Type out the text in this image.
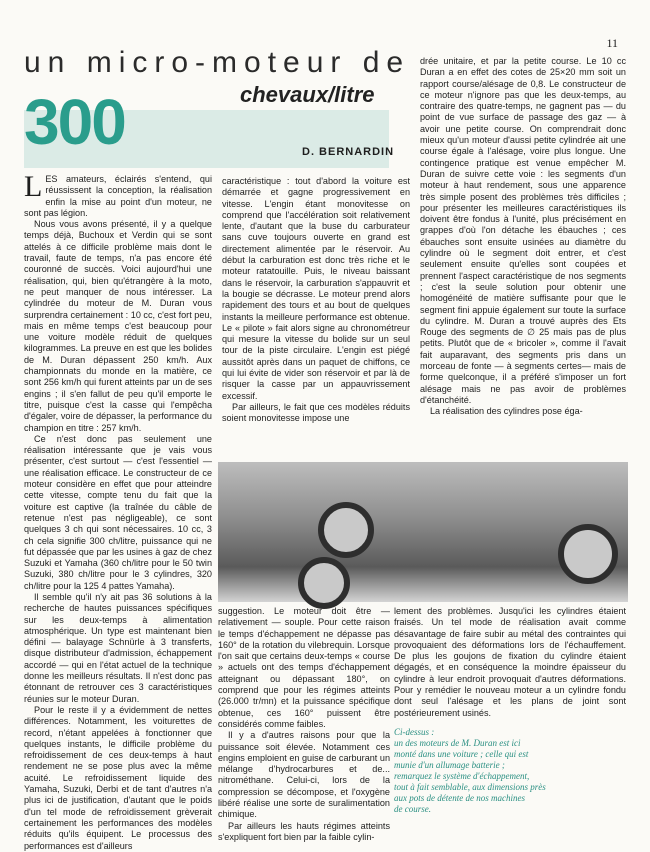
11
un micro-moteur de
300	chevaux/litre
D. BERNARDIN

LES amateurs, éclairés s'entend, qui réussissent la conception, la réalisation enfin la mise au point d'un moteur, ne sont pas légion.

Nous vous avons présenté, il y a quelque temps déjà, Buchoux et Verdin qui se sont attelés à ce difficile problème mais dont le travail, faute de temps, n'a pas encore été couronné de succès. Voici aujourd'hui une réalisation, qui, bien qu'étrangère à la moto, ne peut manquer de nous intéresser. La cylindrée du moteur de M. Duran vous surprendra certainement : 10 cc, c'est fort peu, mais en même temps c'est beaucoup pour une voiture modèle réduit de quelques kilogrammes. La preuve en est que les bolides de M. Duran dépassent 250 km/h. Aux championnats du monde en la matière, ce sont 256 km/h qui furent atteints par un de ses engins ; il s'en fallut de peu qu'il emporte le titre, puisque c'est la casse qui l'empêcha d'égaler, voire de dépasser, la performance du champion en titre : 257 km/h.

Ce n'est donc pas seulement une réalisation intéressante que je vais vous présenter, c'est surtout — c'est l'essentiel — une réalisation efficace. Le constructeur de ce moteur considère en effet que pour atteindre cette vitesse, compte tenu du fait que la voiture est captive (la traînée du câble de retenue n'est pas négligeable), ce sont quelques 3 ch qui sont nécessaires. 10 cc, 3 ch cela signifie 300 ch/litre, puissance qui ne fut dépassée que par les usines à gaz de chez Suzuki et Yamaha (360 ch/litre pour le 50 twin Suzuki, 380 ch/litre pour le 3 cylindres, 320 ch/litre pour la 125 4 pattes Yamaha).

Il semble qu'il n'y ait pas 36 solutions à la recherche de hautes puissances spécifiques sur les deux-temps à alimentation atmosphérique. Un type est maintenant bien défini — balayage Schnürle à 3 transferts, disque distributeur d'admission, échappement accordé — qui en l'état actuel de la technique donne les meilleurs résultats. Il n'est donc pas étonnant de retrouver ces 3 caractéristiques réunies sur le moteur Duran.

Pour le reste il y a évidemment de nettes différences. Notamment, les voiturettes de record, n'étant appelées à fonctionner que quelques instants, le difficile problème du refroidissement de ces deux-temps à haut rendement ne se pose plus avec la même acuité. Le refroidissement liquide des Yamaha, Suzuki, Derbi et de tant d'autres n'a plus ici de justification, d'autant que le poids d'un tel mode de refroidissement grèverait certainement les performances des modèles réduits qu'ils équipent. Le processus des performances est d'ailleurs

caractéristique : tout d'abord la voiture est démarrée et gagne progressivement en vitesse. L'engin étant monovitesse on comprend que l'accélération soit relativement lente, d'autant que la buse du carburateur sans cuve toujours ouverte en grand est directement alimentée par le réservoir. Au début la carburation est donc très riche et le moteur ratatouille. Puis, le niveau baissant dans le réservoir, la carburation s'appauvrit et la bougie se décrasse. Le moteur prend alors rapidement des tours et au bout de quelques instants la meilleure performance est obtenue. Le « pilote » fait alors signe au chronométreur qui mesure la vitesse du bolide sur un seul tour de la piste circulaire. L'engin est piégé aussitôt après dans un paquet de chiffons, ce qui lui évite de vider son réservoir et par là de risquer la casse par un appauvrissement excessif.

Par ailleurs, le fait que ces modèles réduits soient monovitesse impose une

drée unitaire, et par la petite course. Le 10 cc Duran a en effet des cotes de 25×20 mm soit un rapport course/alésage de 0,8. Le constructeur de ce moteur n'ignore pas que les deux-temps, au contraire des quatre-temps, ne gagnent pas — du point de vue surface de passage des gaz — à avoir une petite course. On comprendrait donc mieux qu'un moteur d'aussi petite cylindrée ait une course égale à l'alésage, voire plus longue. Une contingence pratique est venue empêcher M. Duran de suivre cette voie : les segments d'un moteur à haut rendement, sous une apparence très simple posent des problèmes très difficiles ; pour présenter les meilleures caractéristiques ils doivent être fondus à l'unité, plus précisément en grappes d'où l'on détache les ébauches ; ces ébauches sont ensuite usinées au diamètre du cylindre où le segment doit entrer, et c'est seulement ensuite qu'elles sont coupées et prennent l'aspect caractéristique de nos segments ; c'est la seule solution pour obtenir une homogénéité de matière suffisante pour que le segment fini appuie également sur toute la surface du cylindre. M. Duran a trouvé auprès des Ets Rouge des segments de ∅ 25 mais pas de plus petits. Plutôt que de « bricoler », comme il l'avait fait auparavant, des segments pris dans un morceau de fonte — à segments certes— mais de forme quelconque, il a préféré s'imposer un fort alésage mais ne pas avoir de problèmes d'étanchéité.

La réalisation des cylindres pose éga-

suggestion. Le moteur doit être — relativement — souple. Pour cette raison le temps d'échappement ne dépasse pas 160° de la rotation du vilebrequin. Lorsque l'on sait que certains deux-temps « course » actuels ont des temps d'échappement atteignant ou dépassant 180°, on comprend que pour les régimes atteints (26.000 tr/mn) et la puissance spécifique obtenue, ces 160° puissent être considérés comme faibles.

Il y a d'autres raisons pour que la puissance soit élevée. Notamment ces engins emploient en guise de carburant un mélange d'hydrocarbures et de... nitrométhane. Celui-ci, lors de la compression se décompose, et l'oxygène libéré réalise une sorte de suralimentation chimique.

Par ailleurs les hauts régimes atteints s'expliquent fort bien par la faible cylin-

lement des problèmes. Jusqu'ici les cylindres étaient fraisés. Un tel mode de réalisation avait comme désavantage de faire subir au métal des contraintes qui provoquaient des déformations lors de l'échauffement. De plus les goujons de fixation du cylindre étaient dégagés, et en conséquence la moindre épaisseur du cylindre à leur endroit provoquait d'autres déformations. Pour y remédier le nouveau moteur a un cylindre fondu dont seul l'alésage et les plans de joint sont postérieurement usinés.

Ci-dessus :
un des moteurs de M. Duran est ici
monté dans une voiture ; celle qui est
munie d'un allumage batterie ;
remarquez le système d'échappement,
tout à fait semblable, aux dimensions près
aux pots de détente de nos machines
de course.
